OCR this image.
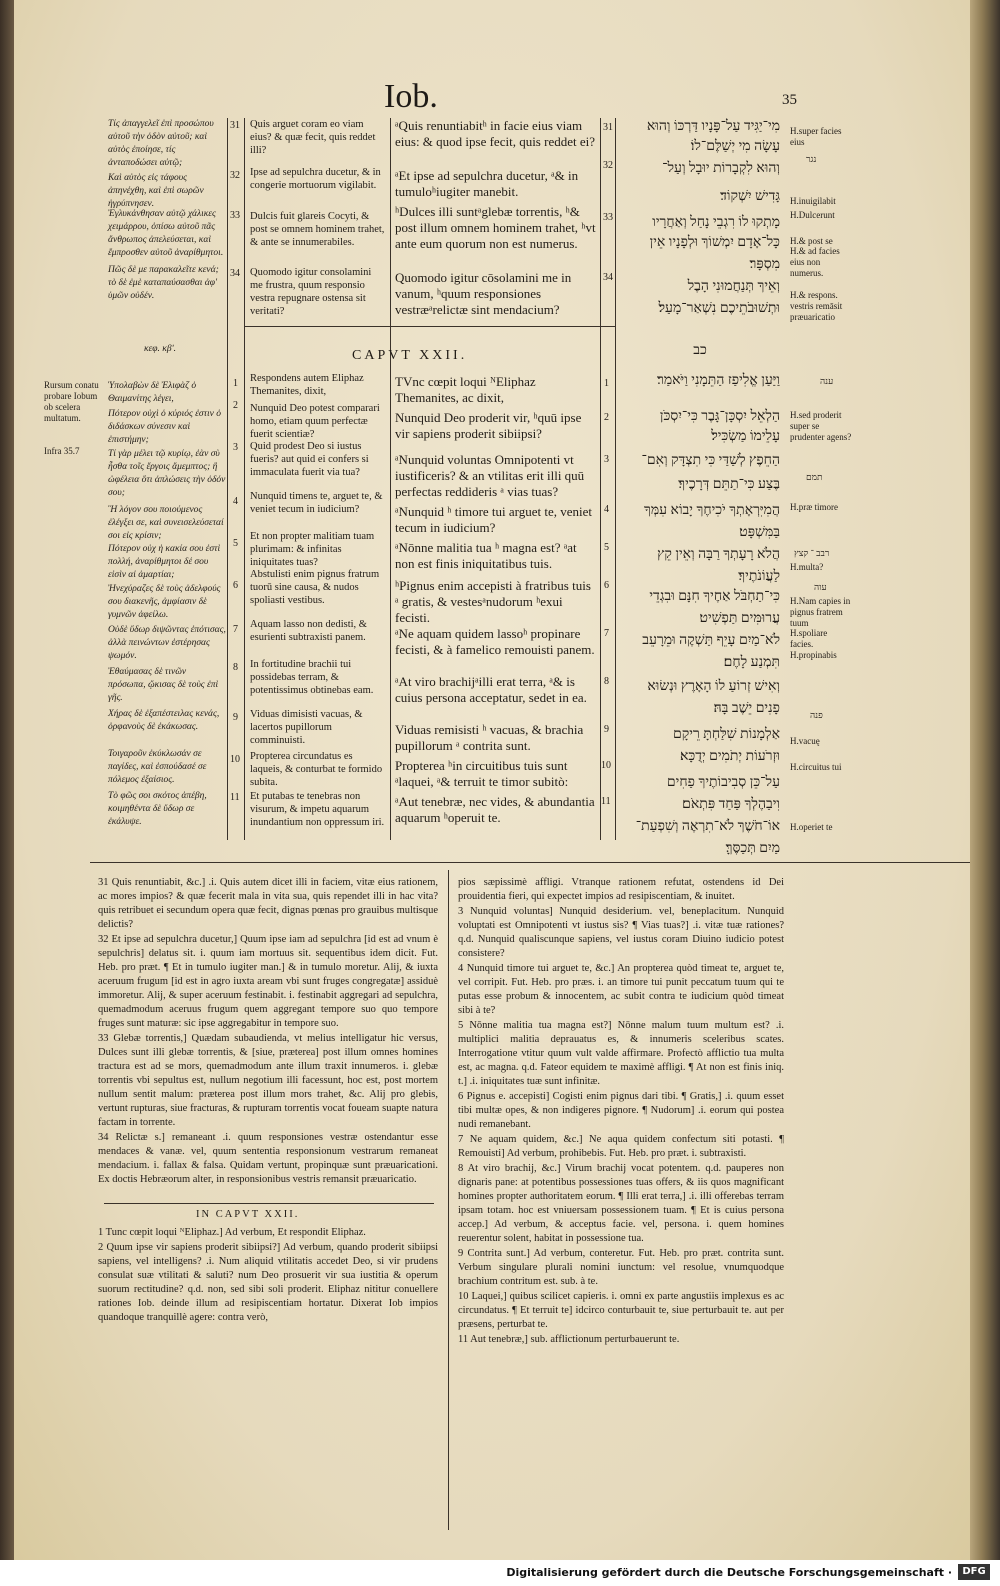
Iob.	35
Τίς ἀπαγγελεῖ ἐπὶ προσώπου αὐτοῦ τὴν ὁδὸν αὐτοῦ; καὶ αὐτὸς ἐποίησε, τίς ἀνταποδώσει αὐτῷ;
Καὶ αὐτὸς εἰς τάφους ἀπηνέχθη, καὶ ἐπὶ σωρῶν ἠγρύπνησεν.
Ἐγλυκάνθησαν αὐτῷ χάλικες χειμάρρου, ὀπίσω αὐτοῦ πᾶς ἄνθρωπος ἀπελεύσεται, καὶ ἔμπροσθεν αὐτοῦ ἀναρίθμητοι.
Πῶς δὲ με παρακαλεῖτε κενά; τὸ δὲ ἐμὲ καταπαύσασθαι ἀφ' ὑμῶν οὐδέν.
κεφ. κβʹ.
Ὑπολαβὼν δὲ Ἐλιφὰζ ὁ Θαιμανίτης λέγει,
Πότερον οὐχὶ ὁ κύριός ἐστιν ὁ διδάσκων σύνεσιν καὶ ἐπιστήμην;
Τί γὰρ μέλει τῷ κυρίῳ, ἐὰν σὺ ἦσθα τοῖς ἔργοις ἄμεμπτος; ἢ ὠφέλεια ὅτι ἁπλώσεις τὴν ὁδόν σου;
Ἢ λόγον σου ποιούμενος ἐλέγξει σε, καὶ συνεισελεύσεταί σοι εἰς κρίσιν;
Πότερον οὐχ ἡ κακία σου ἐστὶ πολλή, ἀναρίθμητοι δέ σου εἰσὶν αἱ ἁμαρτίαι;
Ἠνεχύραζες δὲ τοὺς ἀδελφούς σου διακενῆς, ἀμφίασιν δὲ γυμνῶν ἀφείλω.
Οὐδὲ ὕδωρ διψῶντας ἐπότισας, ἀλλὰ πεινώντων ἐστέρησας ψωμόν.
Ἐθαύμασας δὲ τινῶν πρόσωπα, ᾤκισας δὲ τοὺς ἐπὶ γῆς.
Χήρας δὲ ἐξαπέστειλας κενάς, ὀρφανοὺς δὲ ἐκάκωσας.
Τοιγαροῦν ἐκύκλωσάν σε παγίδες, καὶ ἐσπούδασέ σε πόλεμος ἐξαίσιος.
Τὸ φῶς σοι σκότος ἀπέβη, κοιμηθέντα δὲ ὕδωρ σε ἐκάλυψε.
Rursum conatu probare Iobum ob scelera multatum.
Infra 35.7
31
32
33
34
1
2
3
4
5
6
7
8
9
10
11
Quis arguet coram eo viam eius? & quæ fecit, quis reddet illi?
Ipse ad sepulchra ducetur, & in congerie mortuorum vigilabit.
Dulcis fuit glareis Cocyti, & post se omnem hominem trahet, & ante se innumerabiles.
Quomodo igitur consolamini me frustra, quum responsio vestra repugnare ostensa sit veritati?
Respondens autem Eliphaz Themanites, dixit,
Nunquid Deo potest comparari homo, etiam quum perfectæ fuerit scientiæ?
Quid prodest Deo si iustus fueris? aut quid ei confers si immaculata fuerit via tua?
Nunquid timens te, arguet te, & veniet tecum in iudicium?
Et non propter malitiam tuam plurimam: & infinitas iniquitates tuas?
Abstulisti enim pignus fratrum tuorū sine causa, & nudos spoliasti vestibus.
Aquam lasso non dedisti, & esurienti subtraxisti panem.
In fortitudine brachii tui possidebas terram, & potentissimus obtinebas eam.
Viduas dimisisti vacuas, & lacertos pupillorum comminuisti.
Propterea circundatus es laqueis, & conturbat te formido subita.
Et putabas te tenebras non visurum, & impetu aquarum inundantium non oppressum iri.
CAPVT XXII.
ᵃQuis renuntiabitʰ in facie eius viam eius: & quod ipse fecit, quis reddet ei?
ᵃEt ipse ad sepulchra ducetur, ᵃ& in tumuloʰiugiter manebit.
ʰDulces illi suntᵃglebæ torrentis, ʰ& post illum omnem hominem trahet, ʰvt ante eum quorum non est numerus.
Quomodo igitur cōsolamini me in vanum, ʰquum responsiones vestræᵃrelictæ sint mendacium?
TVnc cœpit loqui ᴺEliphaz Themanites, ac dixit,
Nunquid Deo proderit vir, ʰquū ipse vir sapiens proderit sibiipsi?
ᵃNunquid voluntas Omnipotenti vt iustificeris? & an vtilitas erit illi quū perfectas reddideris ᵃ vias tuas?
ᵃNunquid ʰ timore tui arguet te, veniet tecum in iudicium?
ᵃNōnne malitia tua ʰ magna est? ᵃat non est finis iniquitatibus tuis.
ʰPignus enim accepisti à fratribus tuis ᵃ gratis, & vestesᵃnudorum ʰexui fecisti.
ᵃNe aquam quidem lassoʰ propinare fecisti, & à famelico remouisti panem.
ᵃAt viro brachijᵃilli erat terra, ᵃ& is cuius persona acceptatur, sedet in ea.
Viduas remisisti ʰ vacuas, & brachia pupillorum ᵃ contrita sunt.
Propterea ʰin circuitibus tuis sunt ᵃlaquei, ᵃ& terruit te timor subitò:
ᵃAut tenebræ, nec vides, & abundantia aquarum ʰoperuit te.
31
32
33
34
1
2
3
4
5
6
7
8
9
10
11
מִי־יַגִּיד עַל־פָּנָיו דַּרְכּוֹ וְהוּא
עָשָׂה מִי יְשַׁלֶּם־לוֹ׃
וְהוּא לִקְבָרוֹת יוּבָל וְעַל־
גָּדִישׁ יִשְׁקוֹד׃
מָתְקוּ לוֹ רִגְבֵי נָחַל וְאַחֲרָיו
כָּל־אָדָם יִמְשׁוֹךְ וּלְפָנָיו אֵין
מִסְפָּר׃
וְאֵיךְ תְּנַחֲמוּנִי הָבֶל
וּתְשׁוּבֹתֵיכֶם נִשְׁאַר־מָעַל׃
כב
וַיַּעַן אֱלִיפַז הַתֵּמָנִי וַיֹּאמַר׃
הַלְאֵל יִסְכָּן־גָּבֶר כִּי־יִסְכֹּן
עָלֵימוֹ מַשְׂכִּיל׃
הַחֵפֶץ לְשַׁדַּי כִּי תִצְדָּק וְאִם־
בֶּצַע כִּי־תַתֵּם דְּרָכֶיךָ׃
הֲמִיִּרְאָתְךָ יֹכִיחֶךָ יָבוֹא עִמְּךָ
בַּמִּשְׁפָּט׃
הֲלֹא רָעָתְךָ רַבָּה וְאֵין קֵץ
לַעֲוֹנֹתֶיךָ׃
כִּי־תַחְבֹּל אַחֶיךָ חִנָּם וּבִגְדֵי
עֲרוּמִּים תַּפְשִׁיט׃
לֹא־מַיִם עָיֵף תַּשְׁקֶה וּמֵרָעֵב
תִּמְנַע לָחֶם׃
וְאִישׁ זְרוֹעַ לוֹ הָאָרֶץ וּנְשׂוּא
פָנִים יֵשֶׁב בָּהּ׃
אַלְמָנוֹת שִׁלַּחְתָּ רֵיקָם
וּזְרֹעוֹת יְתֹמִים יְדֻכָּא׃
עַל־כֵּן סְבִיבוֹתֶיךָ פַחִים
וִיבַהֶלְךָ פַּחַד פִּתְאֹם׃
אוֹ־חֹשֶׁךְ לֹא־תִרְאֶה וְשִׁפְעַת־
מַיִם תְּכַסֶּךָּ׃
H.super facies eius
נגר
H.inuigilabit
H.Dulcerunt
H.& post se
H.& ad facies eius non numerus.
H.& respons. vestris remāsit præuaricatio
ענה
H.sed proderit super se prudenter agens?
תמם
H.præ timore
רבב ־ קצץ
H.multa?
עוה
H.Nam capies in pignus fratrem tuum
H.spoliare facies.
H.propinabis
פנה
H.vacuę
H.circuitus tui
H.operiet te

31 Quis renuntiabit, &c.] .i. Quis autem dicet illi in faciem, vitæ eius rationem, ac mores impios? & quæ fecerit mala in vita sua, quis rependet illi in hac vita? quis retribuet ei secundum opera quæ fecit, dignas pœnas pro grauibus multisque delictis?

32 Et ipse ad sepulchra ducetur,] Quum ipse iam ad sepulchra [id est ad vnum è sepulchris] delatus sit. i. quum iam mortuus sit. sequentibus idem dicit. Fut. Heb. pro præt. ¶ Et in tumulo iugiter man.] & in tumulo moretur. Alij, & iuxta aceruum frugum [id est in agro iuxta aream vbi sunt fruges congregatæ] assiduè immoretur. Alij, & super aceruum festinabit. i. festinabit aggregari ad sepulchra, quemadmodum aceruus frugum quem aggregant tempore suo quo tempore fruges sunt maturæ: sic ipse aggregabitur in tempore suo.

33 Glebæ torrentis,] Quædam subaudienda, vt melius intelligatur hic versus, Dulces sunt illi glebæ torrentis, & [siue, præterea] post illum omnes homines tractura est ad se mors, quemadmodum ante illum traxit innumeros. i. glebæ torrentis vbi sepultus est, nullum negotium illi facessunt, hoc est, post mortem nullum sentit malum: præterea post illum mors trahet, &c. Alij pro glebis, vertunt rupturas, siue fracturas, & rupturam torrentis vocat foueam suapte natura factam in torrente.

34 Relictæ s.] remaneant .i. quum responsiones vestræ ostendantur esse mendaces & vanæ. vel, quum sententia responsionum vestrarum remaneat mendacium. i. fallax & falsa. Quidam vertunt, propinquæ sunt præuaricationi. Ex doctis Hebræorum alter, in responsionibus vestris remansit præuaricatio.

IN CAPVT XXII.

1 Tunc cœpit loqui ᴺEliphaz.] Ad verbum, Et respondit Eliphaz.

2 Quum ipse vir sapiens proderit sibiipsi?] Ad verbum, quando proderit sibiipsi sapiens, vel intelligens? .i. Num aliquid vtilitatis accedet Deo, si vir prudens consulat suæ vtilitati & saluti? num Deo prosuerit vir sua iustitia & operum suorum rectitudine? q.d. non, sed sibi soli proderit. Eliphaz nititur conuellere rationes Iob. deinde illum ad resipiscentiam hortatur. Dixerat Iob impios quandoque tranquillè agere: contra verò,

pios sæpissimè affligi. Vtranque rationem refutat, ostendens id Dei prouidentia fieri, qui expectet impios ad resipiscentiam, & inuitet.

3 Nunquid voluntas] Nunquid desiderium. vel, beneplacitum. Nunquid voluptati est Omnipotenti vt iustus sis? ¶ Vias tuas?] .i. vitæ tuæ rationes? q.d. Nunquid qualiscunque sapiens, vel iustus coram Diuino iudicio potest consistere?

4 Nunquid timore tui arguet te, &c.] An propterea quòd timeat te, arguet te, vel corripit. Fut. Heb. pro præs. i. an timore tui punit peccatum tuum qui te putas esse probum & innocentem, ac subit contra te iudicium quòd timeat sibi à te?

5 Nōnne malitia tua magna est?] Nōnne malum tuum multum est? .i. multiplici malitia deprauatus es, & innumeris sceleribus scates. Interrogatione vtitur quum vult valde affirmare. Profectò afflictio tua multa est, ac magna. q.d. Fateor equidem te maximè affligi. ¶ At non est finis iniq. t.] .i. iniquitates tuæ sunt infinitæ.

6 Pignus e. accepisti] Cogisti enim pignus dari tibi. ¶ Gratis,] .i. quum esset tibi multæ opes, & non indigeres pignore. ¶ Nudorum] .i. eorum qui postea nudi remanebant.

7 Ne aquam quidem, &c.] Ne aqua quidem confectum siti potasti. ¶ Remouisti] Ad verbum, prohibebis. Fut. Heb. pro præt. i. subtraxisti.

8 At viro brachij, &c.] Virum brachij vocat potentem. q.d. pauperes non dignaris pane: at potentibus possessiones tuas offers, & iis quos magnificant homines propter authoritatem eorum. ¶ Illi erat terra,] .i. illi offerebas terram ipsam totam. hoc est vniuersam possessionem tuam. ¶ Et is cuius persona accep.] Ad verbum, & acceptus facie. vel, persona. i. quem homines reuerentur solent, habitat in possessione tua.

9 Contrita sunt.] Ad verbum, conteretur. Fut. Heb. pro præt. contrita sunt. Verbum singulare plurali nomini iunctum: vel resolue, vnumquodque brachium contritum est. sub. à te.

10 Laquei,] quibus scilicet capieris. i. omni ex parte angustiis implexus es ac circundatus. ¶ Et terruit te] idcirco conturbauit te, siue perturbauit te. aut per præsens, perturbat te.

11 Aut tenebræ,] sub. afflictionum perturbauerunt te.

Digitalisierung gefördert durch die Deutsche Forschungsgemeinschaft ·	DFG
